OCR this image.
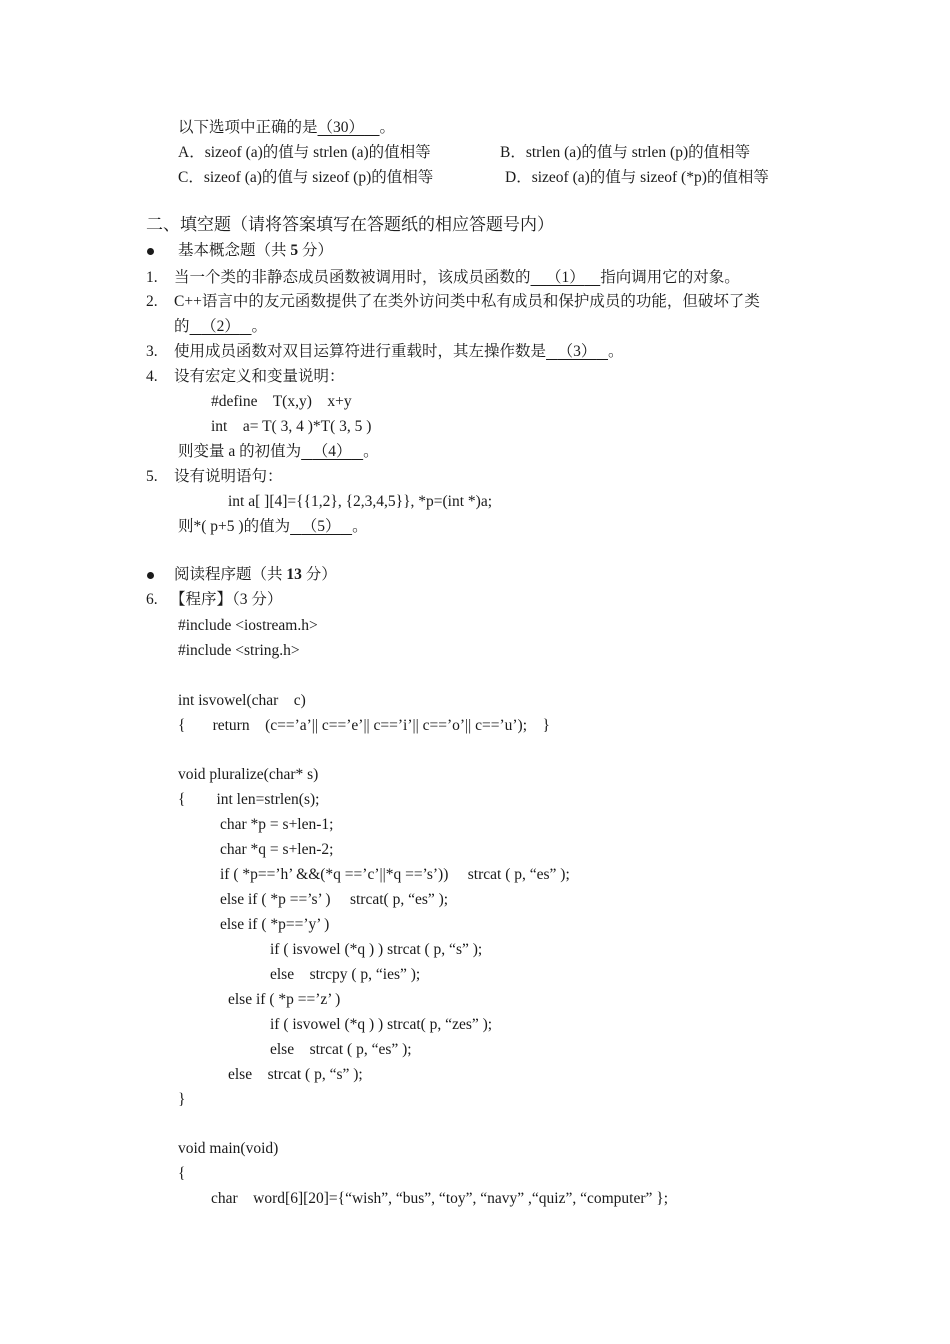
以下选项中正确的是（30） 。
A．sizeof (a)的值与 strlen (a)的值相等	B．strlen (a)的值与 strlen (p)的值相等
C．sizeof (a)的值与 sizeof (p)的值相等	D．sizeof (a)的值与 sizeof (*p)的值相等
二、填空题（请将答案填写在答题纸的相应答题号内）
基本概念题（共 5 分）
1. 当一个类的非静态成员函数被调用时，该成员函数的 （1） 指向调用它的对象。
2. C++语言中的友元函数提供了在类外访问类中私有成员和保护成员的功能，但破坏了类
的 （2） 。
3. 使用成员函数对双目运算符进行重载时，其左操作数是 （3） 。
4. 设有宏定义和变量说明：
#define    T(x,y)    x+y
int    a= T( 3, 4 )*T( 3, 5 )
则变量 a 的初值为 （4） 。
5. 设有说明语句：
int a[ ][4]={{1,2}, {2,3,4,5}}, *p=(int *)a;
则*( p+5 )的值为 （5） 。
阅读程序题（共 13 分）
6. 【程序】（3 分）
#include <iostream.h>
#include <string.h>
int isvowel(char    c)
{       return    (c==’a’|| c==’e’|| c==’i’|| c==’o’|| c==’u’);    }
void pluralize(char* s)
{        int len=strlen(s);
char *p = s+len-1;
char *q = s+len-2;
if ( *p==’h’ &&(*q ==’c’||*q ==’s’))     strcat ( p, “es” );
else if ( *p ==’s’ )     strcat( p, “es” );
else if ( *p==’y’ )
if ( isvowel (*q ) ) strcat ( p, “s” );
else    strcpy ( p, “ies” );
else if ( *p ==’z’ )
if ( isvowel (*q ) ) strcat( p, “zes” );
else    strcat ( p, “es” );
else    strcat ( p, “s” );
}
void main(void)
{
char    word[6][20]={“wish”, “bus”, “toy”, “navy” ,“quiz”, “computer” };
